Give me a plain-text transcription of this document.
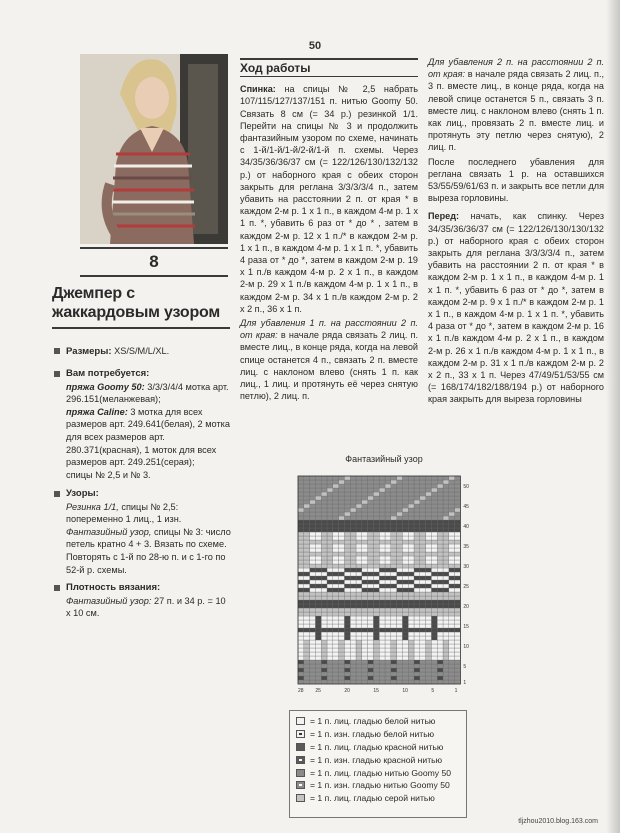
50
8
Джемпер с
жаккардовым узором
Размеры: XS/S/M/L/XL.
Вам потребуется:
пряжа Goomy 50: 3/3/3/4/4 мотка арт. 296.151(меланжевая);
пряжа Caline: 3 мотка для всех размеров арт. 249.641(белая), 2 мотка для всех размеров арт. 280.371(красная), 1 моток для всех размеров арт. 249.251(серая);
спицы № 2,5 и № 3.
Узоры:
Резинка 1/1, спицы № 2,5: попеременно 1 лиц., 1 изн.
Фантазийный узор, спицы № 3: число петель кратно 4 + 3. Вязать по схеме. Повторять с 1-й по 28-ю п. и с 1-го по 52-й р. схемы.
Плотность вязания:
Фантазийный узор: 27 п. и 34 р. = 10 х 10 см.
Ход работы

Спинка: на спицы № 2,5 набрать 107/115/127/137/151 п. нитью Goomy 50. Связать 8 см (= 34 р.) резинкой 1/1. Перейти на спицы № 3 и продолжить фантазийным узором по схеме, начинать с 1-й/1-й/1-й/2-й/1-й п. схемы. Через 34/35/36/36/37 см (= 122/126/130/132/132 р.) от наборного края с обеих сторон закрыть для реглана 3/3/3/3/4 п., затем убавить на расстоянии 2 п. от края * в каждом 2-м р. 1 х 1 п., в каждом 4-м р. 1 х 1 п. *, убавить 6 раз от * до * , затем в каждом 2-м р. 12 х 1 п./* в каждом 2-м р. 1 х 1 п., в каждом 4-м р. 1 х 1 п. *, убавить 4 раза от * до *, затем в каждом 2-м р. 19 х 1 п./в каждом 4-м р. 2 х 1 п., в каждом 2-м р. 29 х 1 п./в каждом 4-м р. 1 х 1 п., в каждом 2-м р. 34 х 1 п./в каждом 2-м р. 2 х 2 п., 36 х 1 п.

Для убавления 1 п. на расстоянии 2 п. от края: в начале ряда связать 2 лиц. п. вместе лиц., в конце ряда, когда на левой спице останется 4 п., связать 2 п. вместе лиц. с наклоном влево (снять 1 п. как лиц., 1 лиц. и протянуть её через снятую петлю), 2 лиц. п.

Для убавления 2 п. на расстоянии 2 п. от края: в начале ряда связать 2 лиц. п., 3 п. вместе лиц., в конце ряда, когда на левой спице останется 5 п., связать 3 п. вместе лиц. с наклоном влево (снять 1 п. как лиц., провязать 2 п. вместе лиц. и протянуть эту петлю через снятую), 2 лиц. п.

После последнего убавления для реглана связать 1 р. на оставшихся 53/55/59/61/63 п. и закрыть все петли для выреза горловины.

Перед: начать, как спинку. Через 34/35/36/36/37 см (= 122/126/130/130/132 р.) от наборного края с обеих сторон закрыть для реглана 3/3/3/3/4 п., затем убавить на расстоянии 2 п. от края * в каждом 2-м р. 1 х 1 п., в каждом 4-м р. 1 х 1 п. *, убавить 6 раз от * до *, затем в каждом 2-м р. 9 х 1 п./* в каждом 2-м р. 1 х 1 п., в каждом 4-м р. 1 х 1 п. *, убавить 4 раза от * до *, затем в каждом 2-м р. 16 х 1 п./в каждом 4-м р. 2 х 1 п., в каждом 2-м р. 26 х 1 п./в каждом 4-м р. 1 х 1 п., в каждом 2-м р. 31 х 1 п./в каждом 2-м р. 2 х 2 п., 33 х 1 п. Через 47/49/51/53/55 см (= 168/174/182/188/194 р.) от наборного края закрыть для выреза горловины

Фантазийный узор
50
45
40
35
30
25
20
15
10
5
1
28 25	20	15	10	5	1
= 1 п. лиц. гладью белой нитью
= 1 п. изн. гладью белой нитью
= 1 п. лиц. гладью красной нитью
= 1 п. изн. гладью красной нитью
= 1 п. лиц. гладью нитью Goomy 50
= 1 п. изн. гладью нитью Goomy 50
= 1 п. лиц. гладью серой нитью
tljzhou2010.blog.163.com
